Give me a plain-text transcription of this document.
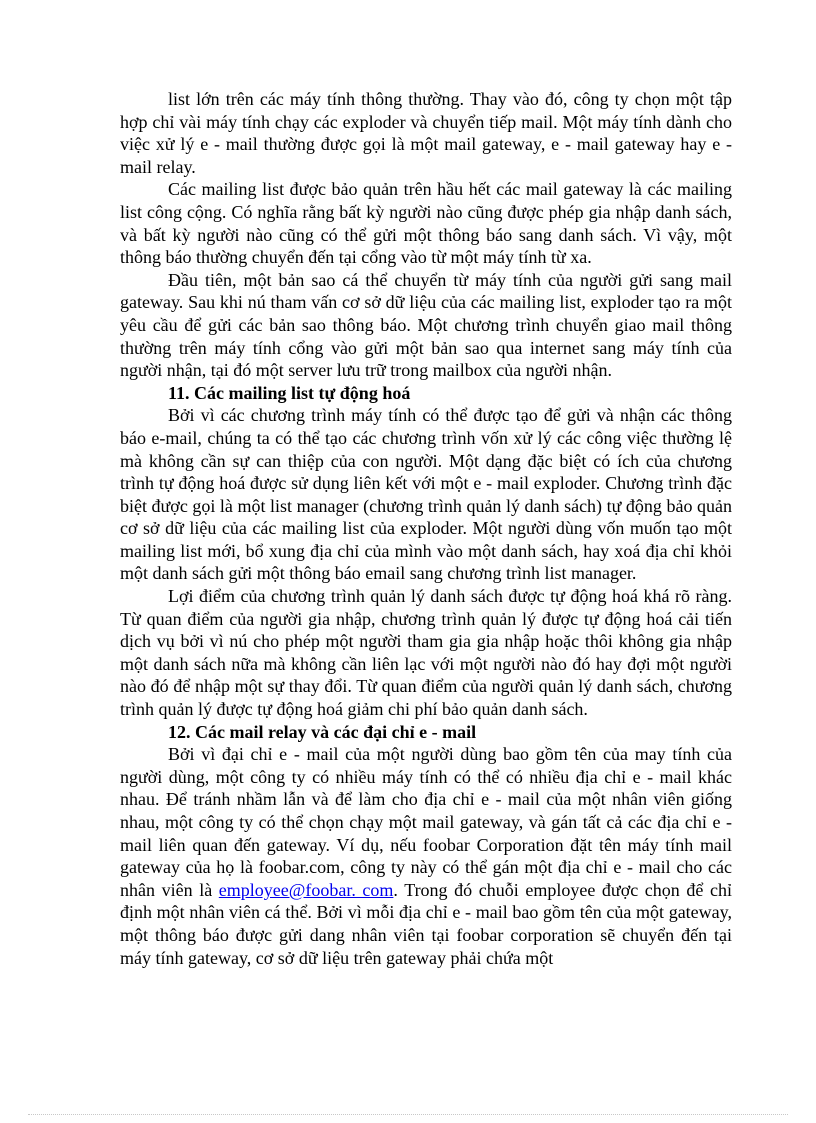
list lớn trên các máy tính thông thường. Thay vào đó, công ty chọn một tập hợp chỉ vài máy tính chạy các exploder và chuyển tiếp mail. Một máy tính dành cho việc xử lý e - mail thường được gọi là một mail gateway, e - mail gateway hay e - mail relay.

Các mailing list được bảo quản trên hầu hết các mail gateway là các mailing list công cộng. Có nghĩa rằng bất kỳ người nào cũng được phép gia nhập danh sách, và bất kỳ người nào cũng có thể gửi một thông báo sang danh sách. Vì vậy, một thông báo thường chuyển đến tại cổng vào từ một máy tính từ xa.

Đầu tiên, một bản sao cá thể chuyển từ máy tính của người gửi sang mail gateway. Sau khi nú tham vấn cơ sở dữ liệu của các mailing list, exploder tạo ra một yêu cầu để gửi các bản sao thông báo. Một chương trình chuyển giao mail thông thường trên máy tính cổng vào gửi một bản sao qua internet sang máy tính của người nhận, tại đó một server lưu trữ trong mailbox của người nhận.

11. Các mailing list tự động hoá

Bởi vì các chương trình máy tính có thể được tạo để gửi và nhận các thông báo e-mail, chúng ta có thể tạo các chương trình vốn xử lý các công việc thường lệ mà không cần sự can thiệp của con người. Một dạng đặc biệt có ích của chương trình tự động hoá được sử dụng liên kết với một e - mail exploder. Chương trình đặc biệt được gọi là một list manager (chương trình quản lý danh sách) tự động bảo quản cơ sở dữ liệu của các mailing list của exploder. Một người dùng vốn muốn tạo một mailing list mới, bổ xung địa chỉ của mình vào một danh sách, hay xoá địa chỉ khỏi một danh sách gửi một thông báo email sang chương trình list manager.

Lợi điểm của chương trình quản lý danh sách được tự động hoá khá rõ ràng. Từ quan điểm của người gia nhập, chương trình quản lý được tự động hoá cải tiến dịch vụ bởi vì nú cho phép một người tham gia gia nhập hoặc thôi không gia nhập một danh sách nữa mà không cần liên lạc với một người nào đó hay đợi một người nào đó để nhập một sự thay đổi. Từ quan điểm của người quản lý danh sách, chương trình quản lý được tự động hoá giảm chi phí bảo quản danh sách.

12. Các mail relay và các đại chỉ e - mail

Bởi vì đại chỉ e - mail của một người dùng bao gồm tên của may tính của người dùng, một công ty có nhiều máy tính có thể có nhiều địa chỉ e - mail khác nhau. Để tránh nhầm lẫn và để làm cho địa chỉ e - mail của một nhân viên giống nhau, một công ty có thể chọn chạy một mail gateway, và gán tất cả các địa chỉ e - mail liên quan đến gateway. Ví dụ, nếu foobar Corporation đặt tên máy tính mail gateway của họ là foobar.com, công ty này có thể gán một địa chỉ e - mail cho các nhân viên là employee@foobar. com. Trong đó chuỗi employee được chọn để chỉ định một nhân viên cá thể. Bởi vì mỗi địa chỉ e - mail bao gồm tên của một gateway, một thông báo được gửi dang nhân viên tại foobar corporation sẽ chuyển đến tại máy tính gateway, cơ sở dữ liệu trên gateway phải chứa một
